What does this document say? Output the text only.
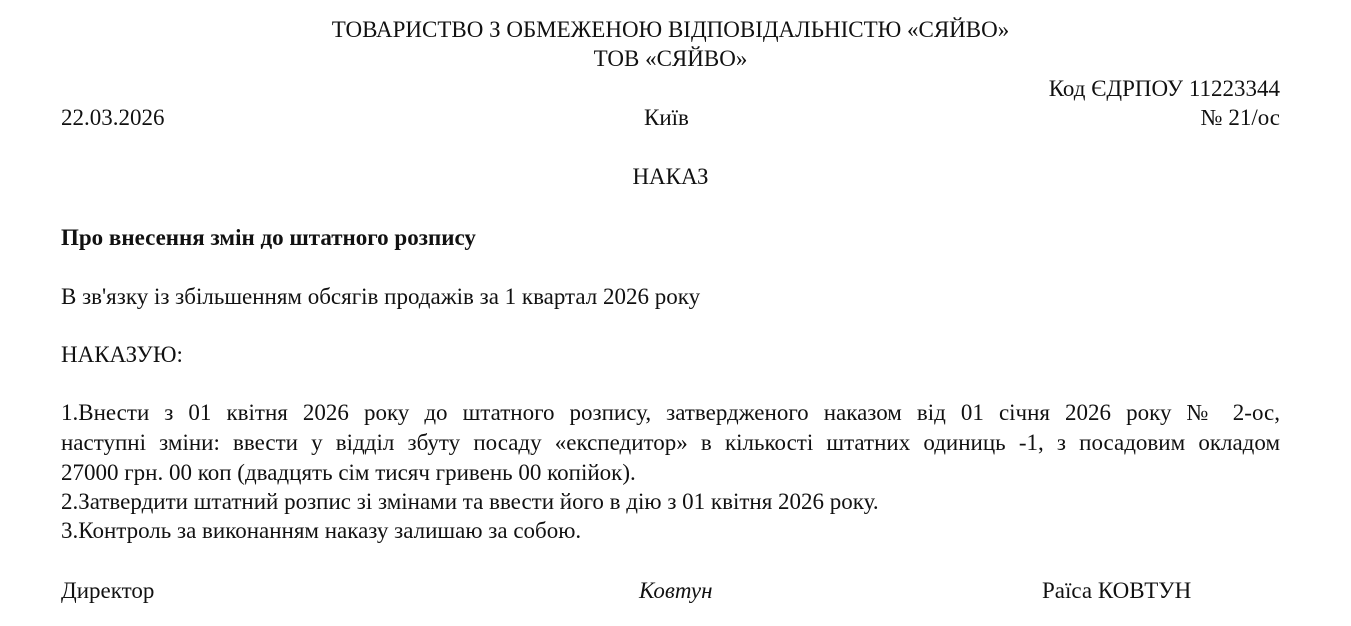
ТОВАРИСТВО З ОБМЕЖЕНОЮ ВІДПОВІДАЛЬНІСТЮ «СЯЙВО»
ТОВ «СЯЙВО»
Код ЄДРПОУ 11223344
22.03.2026	Київ	№ 21/ос
НАКАЗ
Про внесення змін до штатного розпису
В зв'язку із збільшенням обсягів продажів за 1 квартал 2026 року
НАКАЗУЮ:
1.Внести з 01 квітня 2026 року до штатного розпису, затвердженого наказом від 01 січня 2026 року № 2-ос,
наступні зміни: ввести у відділ збуту посаду «експедитор» в кількості штатних одиниць -1, з посадовим окладом
27000 грн. 00 коп (двадцять сім тисяч гривень 00 копійок).
2.Затвердити штатний розпис зі змінами та ввести його в дію з 01 квітня 2026 року.
3.Контроль за виконанням наказу залишаю за собою.
Директор	Ковтун	Раїса КОВТУН
